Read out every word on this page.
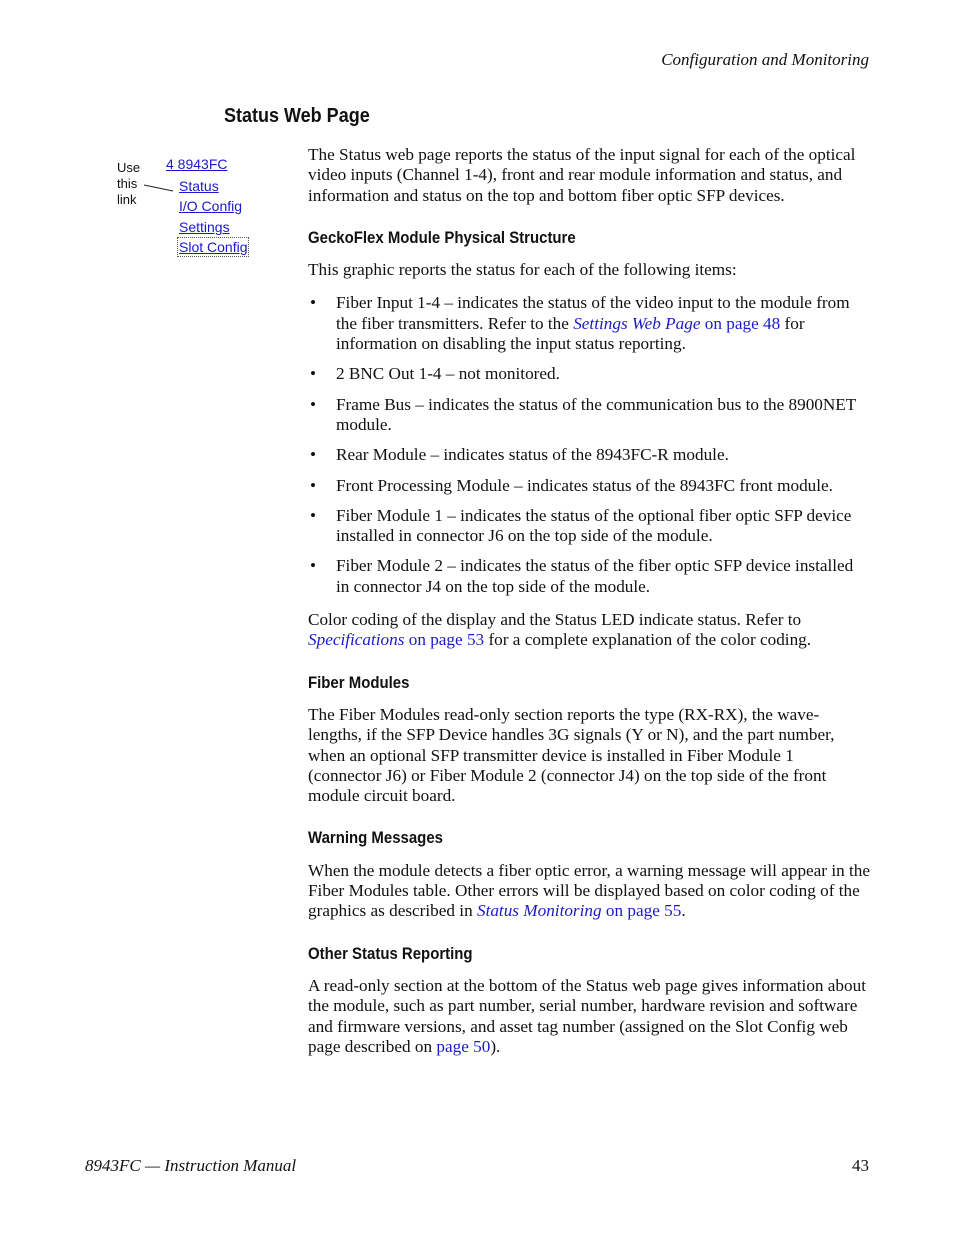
Configuration and Monitoring
Status Web Page
Use this link
4 8943FC
Status
I/O Config
Settings
Slot Config

The Status web page reports the status of the input signal for each of the optical video inputs (Channel 1-4), front and rear module information and status, and information and status on the top and bottom fiber optic SFP devices.

GeckoFlex Module Physical Structure

This graphic reports the status for each of the following items:

• Fiber Input 1-4 – indicates the status of the video input to the module from the fiber transmitters. Refer to the Settings Web Page on page 48 for information on disabling the input status reporting.
• 2 BNC Out 1-4 – not monitored.
• Frame Bus – indicates the status of the communication bus to the 8900NET module.
• Rear Module – indicates status of the 8943FC-R module.
• Front Processing Module – indicates status of the 8943FC front module.
• Fiber Module 1 – indicates the status of the optional fiber optic SFP device installed in connector J6 on the top side of the module.
• Fiber Module 2 – indicates the status of the fiber optic SFP device installed in connector J4 on the top side of the module.

Color coding of the display and the Status LED indicate status. Refer to Specifications on page 53 for a complete explanation of the color coding.

Fiber Modules

The Fiber Modules read-only section reports the type (RX-RX), the wave-lengths, if the SFP Device handles 3G signals (Y or N), and the part number, when an optional SFP transmitter device is installed in Fiber Module 1 (connector J6) or Fiber Module 2 (connector J4) on the top side of the front module circuit board.

Warning Messages

When the module detects a fiber optic error, a warning message will appear in the Fiber Modules table. Other errors will be displayed based on color coding of the graphics as described in Status Monitoring on page 55.

Other Status Reporting

A read-only section at the bottom of the Status web page gives information about the module, such as part number, serial number, hardware revision and software and firmware versions, and asset tag number (assigned on the Slot Config web page described on page 50).

8943FC — Instruction Manual	43
